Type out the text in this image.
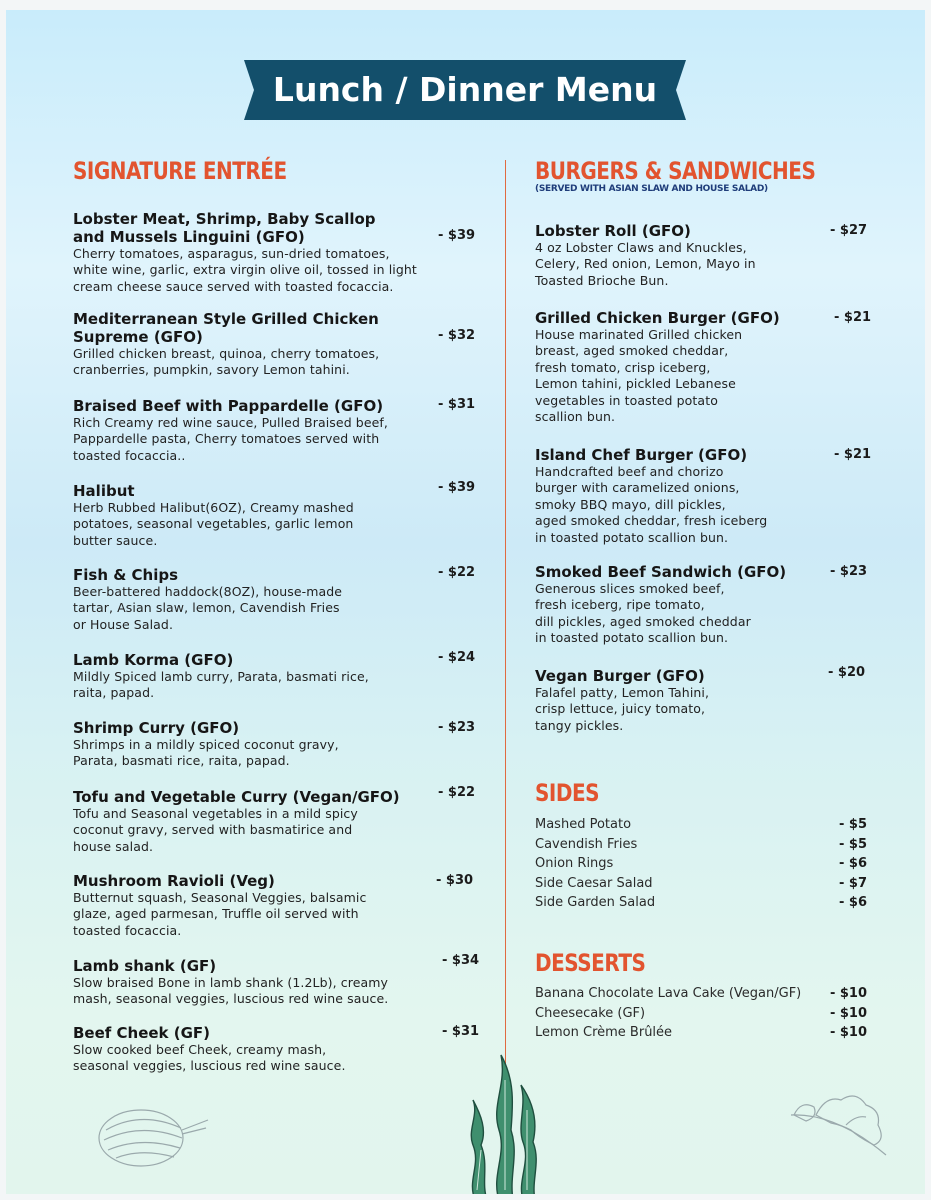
Lunch / Dinner Menu
SIGNATURE ENTRÉE
Lobster Meat, Shrimp, Baby Scallop
and Mussels Linguini (GFO)
Cherry tomatoes, asparagus, sun-dried tomatoes,
white wine, garlic, extra virgin olive oil, tossed in light
cream cheese sauce served with toasted focaccia.
- $39
Mediterranean Style Grilled Chicken
Supreme (GFO)
Grilled chicken breast, quinoa, cherry tomatoes,
cranberries, pumpkin, savory Lemon tahini.
- $32
Braised Beef with Pappardelle (GFO)
Rich Creamy red wine sauce, Pulled Braised beef,
Pappardelle pasta, Cherry tomatoes served with
toasted focaccia..
- $31
Halibut
Herb Rubbed Halibut(6OZ), Creamy mashed
potatoes, seasonal vegetables, garlic lemon
butter sauce.
- $39
Fish & Chips
Beer-battered haddock(8OZ), house-made
tartar, Asian slaw, lemon, Cavendish Fries
or House Salad.
- $22
Lamb Korma (GFO)
Mildly Spiced lamb curry, Parata, basmati rice,
raita, papad.
- $24
Shrimp Curry (GFO)
Shrimps in a mildly spiced coconut gravy,
Parata, basmati rice, raita, papad.
- $23
Tofu and Vegetable Curry (Vegan/GFO)
Tofu and Seasonal vegetables in a mild spicy
coconut gravy, served with basmatirice and
house salad.
- $22
Mushroom Ravioli (Veg)
Butternut squash, Seasonal Veggies, balsamic
glaze, aged parmesan, Truffle oil served with
toasted focaccia.
- $30
Lamb shank (GF)
Slow braised Bone in lamb shank (1.2Lb), creamy
mash, seasonal veggies, luscious red wine sauce.
- $34
Beef Cheek (GF)
Slow cooked beef Cheek, creamy mash,
seasonal veggies, luscious red wine sauce.
- $31
BURGERS & SANDWICHES
(SERVED WITH ASIAN SLAW AND HOUSE SALAD)
Lobster Roll (GFO)
4 oz Lobster Claws and Knuckles,
Celery, Red onion, Lemon, Mayo in
Toasted Brioche Bun.
- $27
Grilled Chicken Burger (GFO)
House marinated Grilled chicken
breast, aged smoked cheddar,
fresh tomato, crisp iceberg,
Lemon tahini, pickled Lebanese
vegetables in toasted potato
scallion bun.
- $21
Island Chef Burger (GFO)
Handcrafted beef and chorizo
burger with caramelized onions,
smoky BBQ mayo, dill pickles,
aged smoked cheddar, fresh iceberg
in toasted potato scallion bun.
- $21
Smoked Beef Sandwich (GFO)
Generous slices smoked beef,
fresh iceberg, ripe tomato,
dill pickles, aged smoked cheddar
in toasted potato scallion bun.
- $23
Vegan Burger (GFO)
Falafel patty, Lemon Tahini,
crisp lettuce, juicy tomato,
tangy pickles.
- $20
SIDES
Mashed Potato	- $5
Cavendish Fries	- $5
Onion Rings	- $6
Side Caesar Salad	- $7
Side Garden Salad	- $6
DESSERTS
Banana Chocolate Lava Cake (Vegan/GF) - $10
Cheesecake (GF)	- $10
Lemon Crème Brûlée	- $10
